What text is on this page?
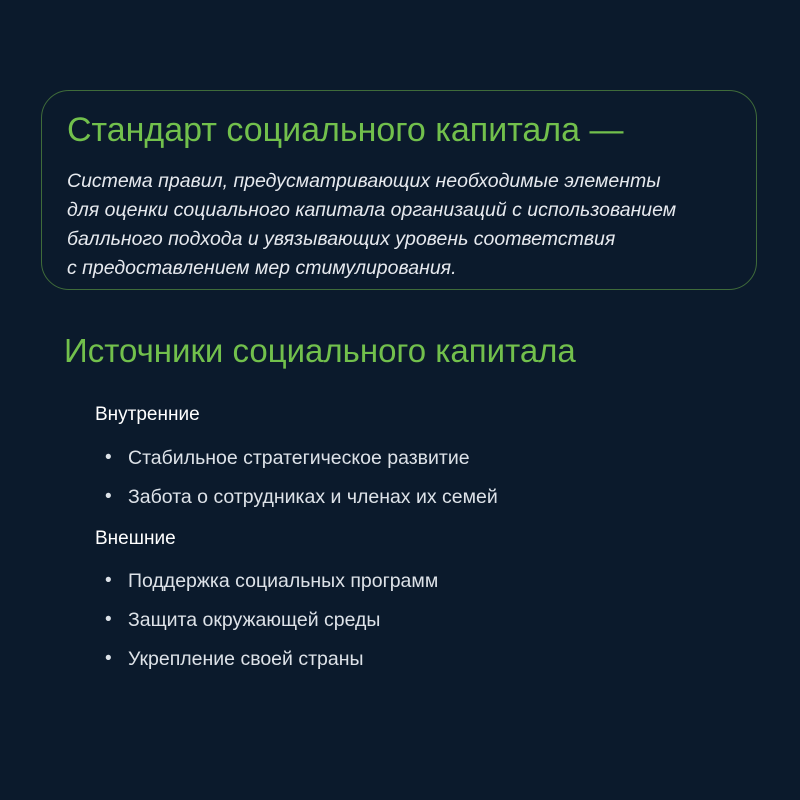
Стандарт социального капитала —

Система правил, предусматривающих необходимые элементы
для оценки социального капитала организаций с использованием
балльного подхода и увязывающих уровень соответствия
с предоставлением мер стимулирования.

Источники социального капитала
Внутренние
• Стабильное стратегическое развитие
• Забота о сотрудниках и членах их семей
Внешние
• Поддержка социальных программ
• Защита окружающей среды
• Укрепление своей страны
